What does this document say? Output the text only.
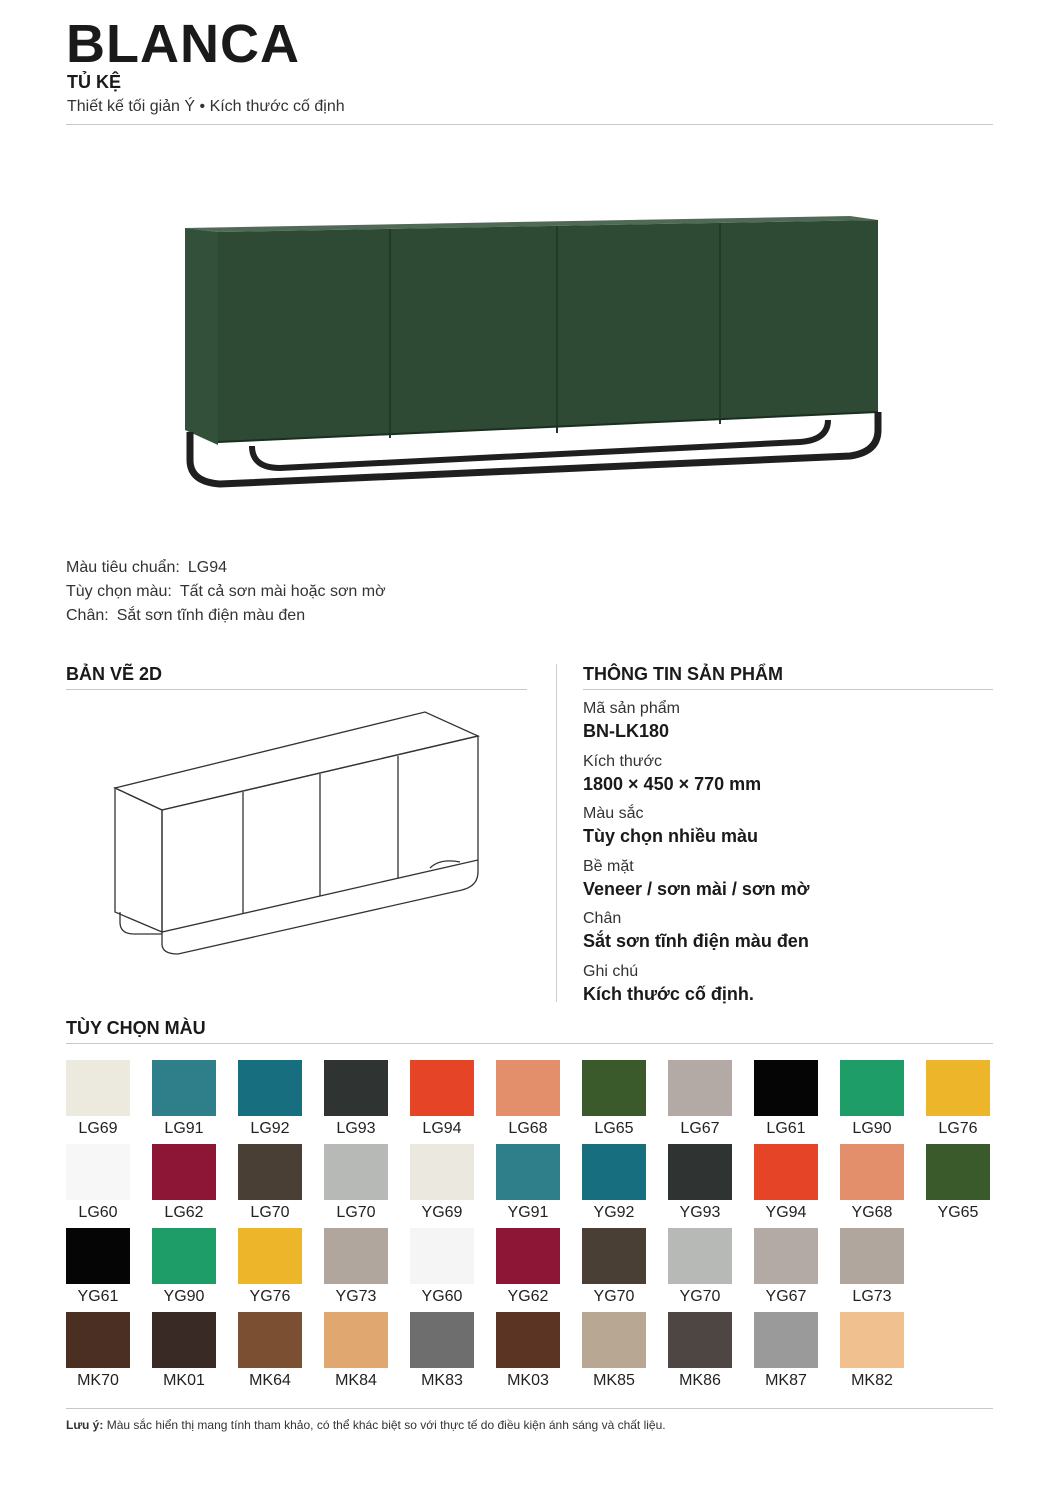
BLANCA
TỦ KỆ
Thiết kế tối giản Ý • Kích thước cố định
Màu tiêu chuẩn: LG94
Tùy chọn màu: Tất cả sơn mài hoặc sơn mờ
Chân: Sắt sơn tĩnh điện màu đen
BẢN VẼ 2D	THÔNG TIN SẢN PHẨM
Mã sản phẩm
BN-LK180
Kích thước
1800 × 450 × 770 mm
Màu sắc
Tùy chọn nhiều màu
Bề mặt
Veneer / sơn mài / sơn mờ
Chân
Sắt sơn tĩnh điện màu đen
Ghi chú
Kích thước cố định.
TÙY CHỌN MÀU
LG69	LG91	LG92	LG93	LG94	LG68	LG65	LG67	LG61	LG90	LG76
LG60	LG62	LG70	LG70	YG69	YG91	YG92	YG93	YG94	YG68	YG65
YG61	YG90	YG76	YG73	YG60	YG62	YG70	YG70	YG67	LG73
MK70	MK01	MK64	MK84	MK83	MK03	MK85	MK86	MK87	MK82
Lưu ý: Màu sắc hiển thị mang tính tham khảo, có thể khác biệt so với thực tế do điều kiện ánh sáng và chất liệu.
